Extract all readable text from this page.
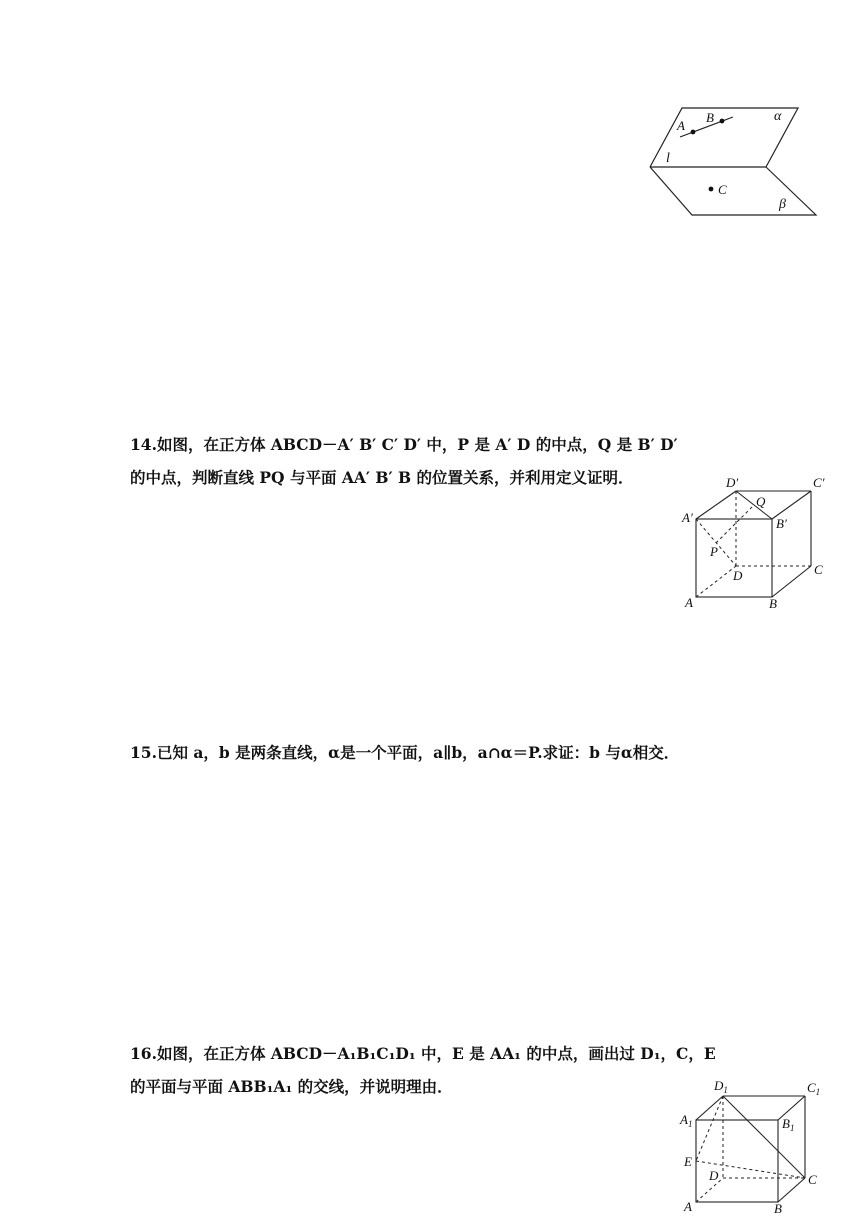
A
B	α
l
C
β
14.如图，在正方体 ABCD－A′ B′ C′ D′ 中，P 是 A′ D 的中点，Q 是 B′ D′
的中点，判断直线 PQ 与平面 AA′ B′ B 的位置关系，并利用定义证明．	D′	C′
Q
A′	B′
P
D	C
A	B
15.已知 a，b 是两条直线，α是一个平面，a∥b，a∩α＝P.求证：b 与α相交．
16.如图，在正方体 ABCD－A₁B₁C₁D₁ 中，E 是 AA₁ 的中点，画出过 D₁，C，E
的平面与平面 ABB₁A₁ 的交线，并说明理由．	$D_1$	$C_1$
$A_1$	$B_1$
E
D	C
A	B
